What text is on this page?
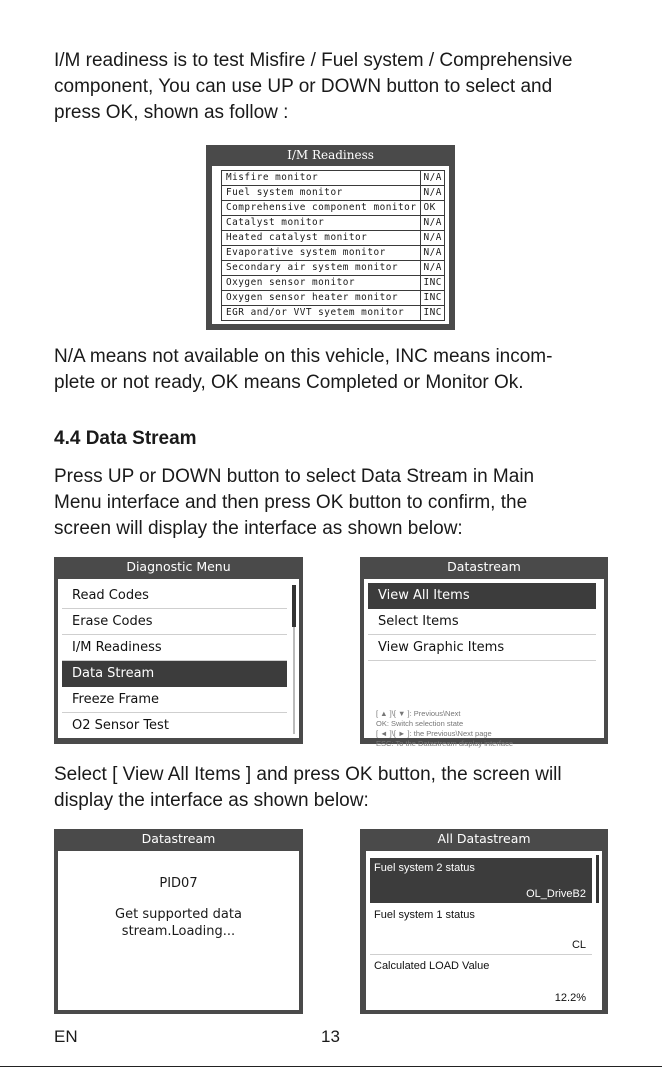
I/M readiness is to test Misfire / Fuel system / Comprehensive
component, You can use UP or DOWN button to select and
press OK, shown as follow :

I/M Readiness
Misfire monitor	N/A
Fuel system monitor	N/A
Comprehensive component monitor	OK
Catalyst monitor	N/A
Heated catalyst monitor	N/A
Evaporative system monitor	N/A
Secondary air system monitor	N/A
Oxygen sensor monitor	INC
Oxygen sensor heater monitor	INC
EGR and/or VVT syetem monitor	INC

N/A means not available on this vehicle, INC means incom-
plete or not ready, OK means Completed or Monitor Ok.

4.4 Data Stream

Press UP or DOWN button to select Data Stream in Main
Menu interface and then press OK button to confirm, the
screen will display the interface as shown below:

Diagnostic Menu
Read Codes
Erase Codes
I/M Readiness
Data Stream
Freeze Frame
O2 Sensor Test
Datastream
View All Items
Select Items
View Graphic Items
[ ▲ ]\[ ▼ ]: Previous\Next
OK: Switch selection state
[ ◄ ]\[ ► ]: the Previous\Next page
ESC: To the Datastream display interface

Select [ View All Items ] and press OK button, the screen will
display the interface as shown below:

Datastream
PID07
Get supported data
stream.Loading...
All Datastream
Fuel system 2 status
OL_DriveB2
Fuel system 1 status
CL
Calculated LOAD Value
12.2%
EN	13
